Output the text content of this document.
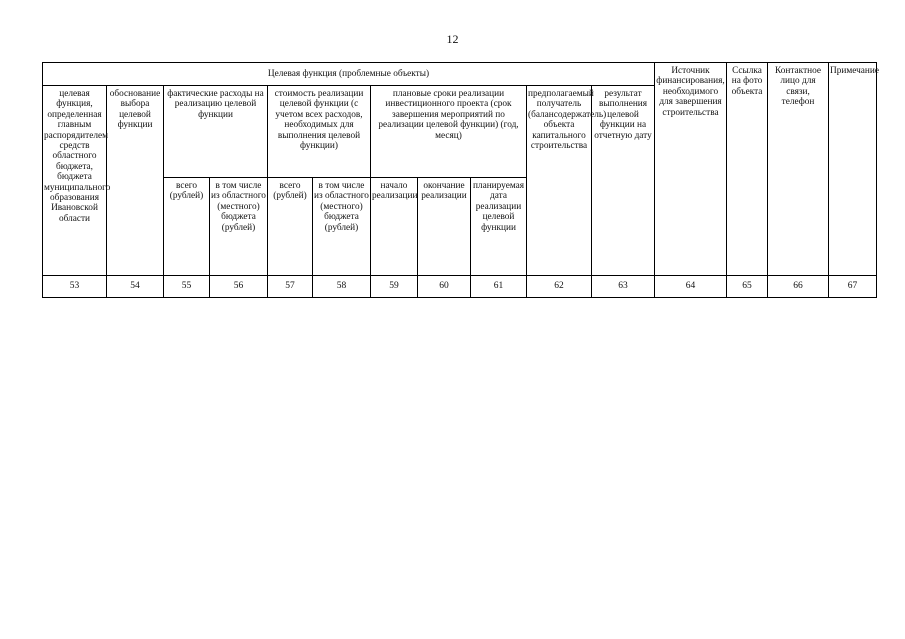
12
Целевая функция (проблемные объекты)											Источник финансирования, необходимого для завершения строительства	Ссылка на фото объекта	Контактное лицо для связи, телефон	Примечание

целевая функция, определенная главным распорядителем средств областного бюджета, бюджета муниципального образования Ивановской области	обоснование выбора целевой функции	фактические расходы на реализацию целевой функции		стоимость реализации целевой функции (с учетом всех расходов, необходимых для выполнения целевой функции)		плановые сроки реализации инвестиционного проекта (срок завершения мероприятий по реализации целевой функции) (год, месяц)			предполагаемый получатель (балансодержатель) объекта капитального строительства	результат выполнения целевой функции на отчетную дату				

		всего (рублей)	в том числе из областного (местного) бюджета (рублей)	всего (рублей)	в том числе из областного (местного) бюджета (рублей)	начало реализации	окончание реализации	планируемая дата реализации целевой функции						

53	54	55	56	57	58	59	60	61	62	63	64	65	66	67
